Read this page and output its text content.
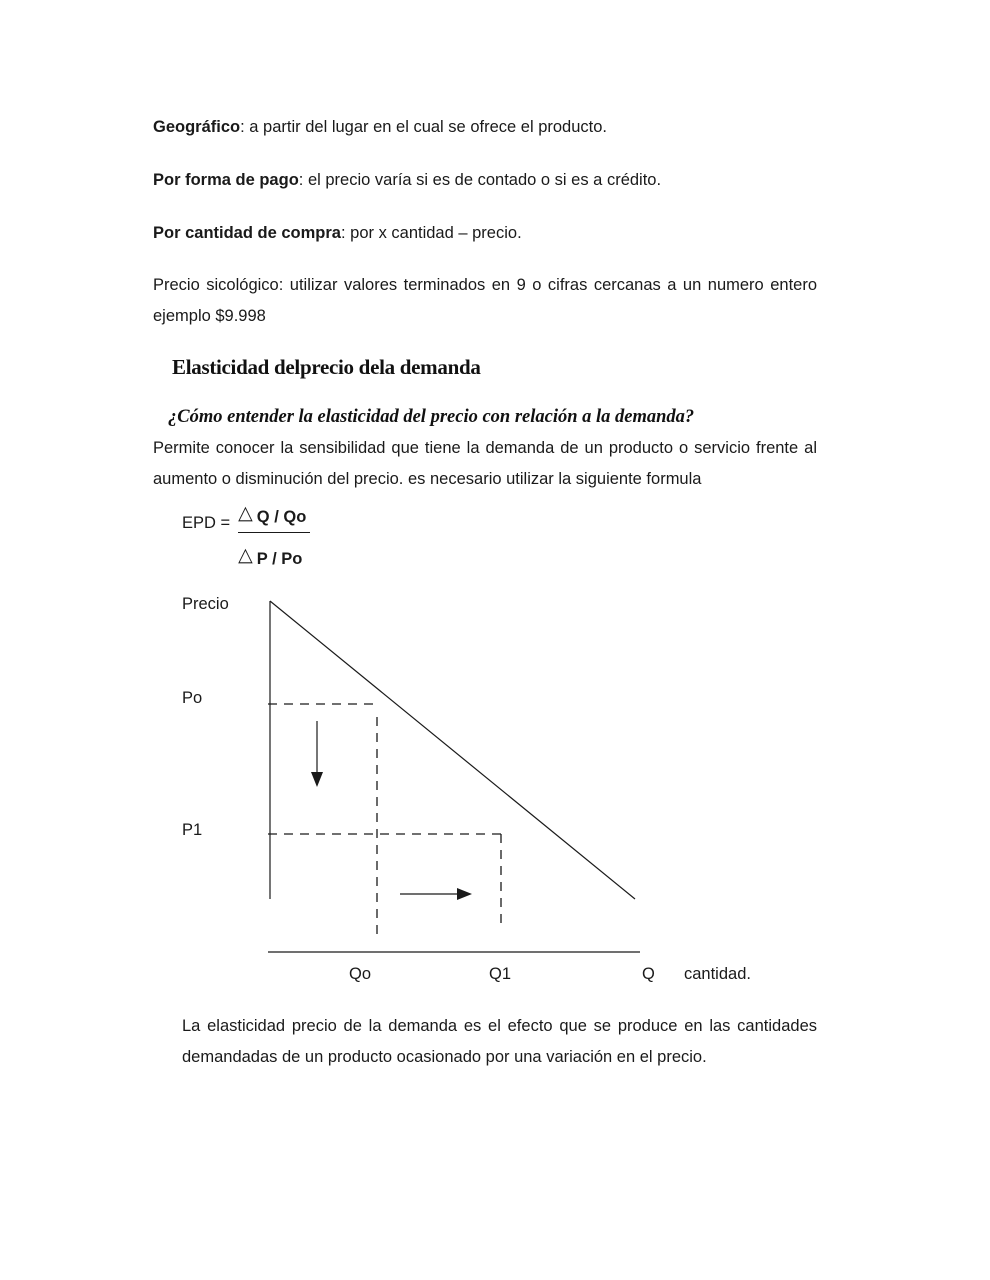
Geográfico: a partir del lugar en el cual se ofrece el producto.

Por forma de pago: el precio varía si es de contado o si es a crédito.

Por cantidad de compra: por x cantidad – precio.

Precio sicológico: utilizar valores terminados en 9 o cifras cercanas a un numero entero ejemplo $9.998

Elasticidad delprecio dela demanda
¿Cómo entender la elasticidad del precio con relación a la demanda?

Permite conocer la sensibilidad que tiene la demanda de un producto o servicio frente al aumento o disminución del precio. es necesario utilizar la siguiente formula

EPD = $\frac{\triangle Q / Qo}{\triangle P / Po}$
Precio
Po
P1
Qo	Q1	Q cantidad.

La elasticidad precio de la demanda es el efecto que se produce en las cantidades demandadas de un producto ocasionado por una variación en el precio.
